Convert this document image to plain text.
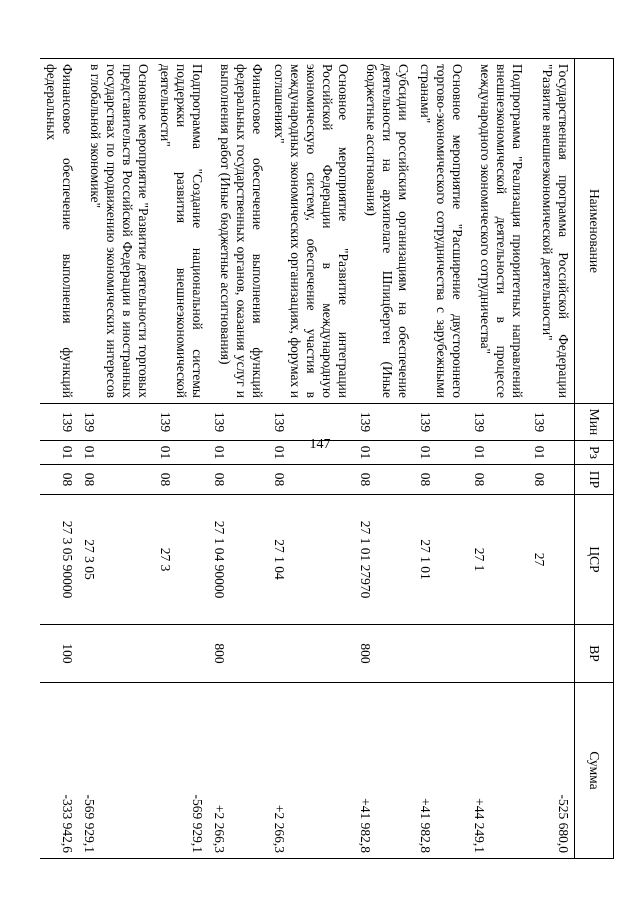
147
Наименование	Мин	Рз	ПР	ЦСР	ВР	Сумма
Государственная программа Российской Федерации "Развитие внешнеэкономической деятельности"	139	01	08	27		-525 680,0
Подпрограмма "Реализация приоритетных направлений внешнеэкономической деятельности в процессе международного экономического сотрудничества"	139	01	08	27 1		+44 249,1
Основное мероприятие "Расширение двустороннего торгово-экономического сотрудничества с зарубежными странами"	139	01	08	27 1 01		+41 982,8
Субсидии российским организациям на обеспечение деятельности на архипелаге Шпицберген (Иные бюджетные ассигнования)	139	01	08	27 1 01 27970	800	+41 982,8
Основное мероприятие "Развитие интеграции Российской Федерации в международную экономическую систему, обеспечение участия в международных экономических организациях, форумах и соглашениях"	139	01	08	27 1 04		+2 266,3
Финансовое обеспечение выполнения функций федеральных государственных органов, оказания услуг и выполнения работ (Иные бюджетные ассигнования)	139	01	08	27 1 04 90000	800	+2 266,3
Подпрограмма "Создание национальной системы поддержки развития внешнеэкономической деятельности"	139	01	08	27 3		-569 929,1
Основное мероприятие "Развитие деятельности торговых представительств Российской Федерации в иностранных государствах по продвижению экономических интересов в глобальной экономике"	139	01	08	27 3 05		-569 929,1
Финансовое обеспечение выполнения функций федеральных	139	01	08	27 3 05 90000	100	-333 942,6
